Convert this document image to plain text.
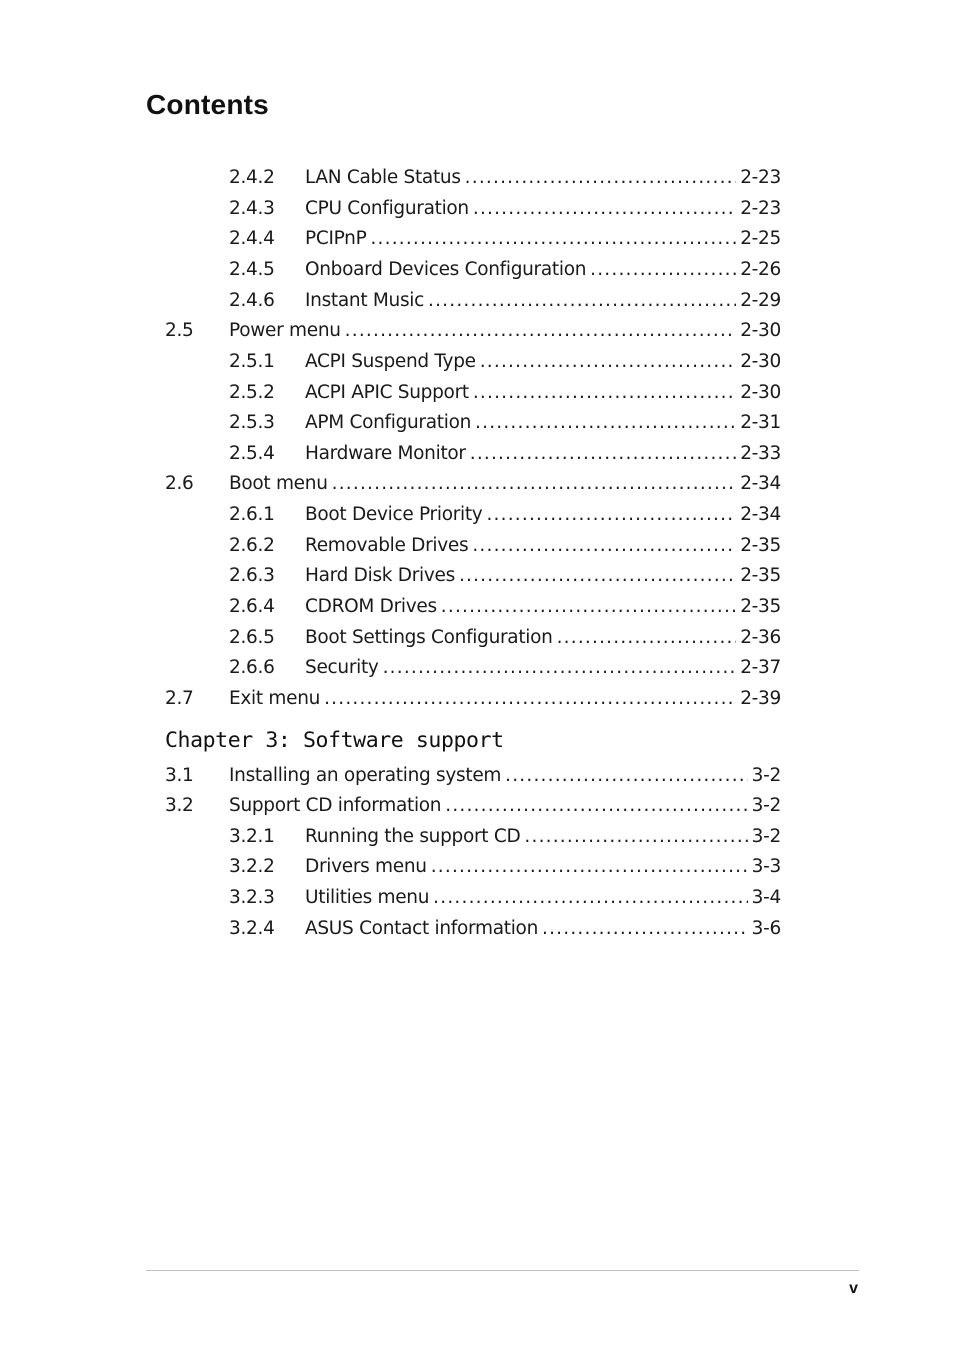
Contents
2.4.2	LAN Cable Status .....	2-23
2.4.3	CPU Configuration .....	2-23
2.4.4	PCIPnP .....	2-25
2.4.5	Onboard Devices Configuration .....	2-26
2.4.6	Instant Music .....	2-29
2.5	Power menu .....	2-30
2.5.1	ACPI Suspend Type .....	2-30
2.5.2	ACPI APIC Support .....	2-30
2.5.3	APM Configuration .....	2-31
2.5.4	Hardware Monitor .....	2-33
2.6	Boot menu .....	2-34
2.6.1	Boot Device Priority .....	2-34
2.6.2	Removable Drives .....	2-35
2.6.3	Hard Disk Drives .....	2-35
2.6.4	CDROM Drives .....	2-35
2.6.5	Boot Settings Configuration .....	2-36
2.6.6	Security .....	2-37
2.7	Exit menu .....	2-39
Chapter 3: Software support
3.1	Installing an operating system .....	3-2
3.2	Support CD information .....	3-2
3.2.1	Running the support CD .....	3-2
3.2.2	Drivers menu .....	3-3
3.2.3	Utilities menu .....	3-4
3.2.4	ASUS Contact information .....	3-6
v
